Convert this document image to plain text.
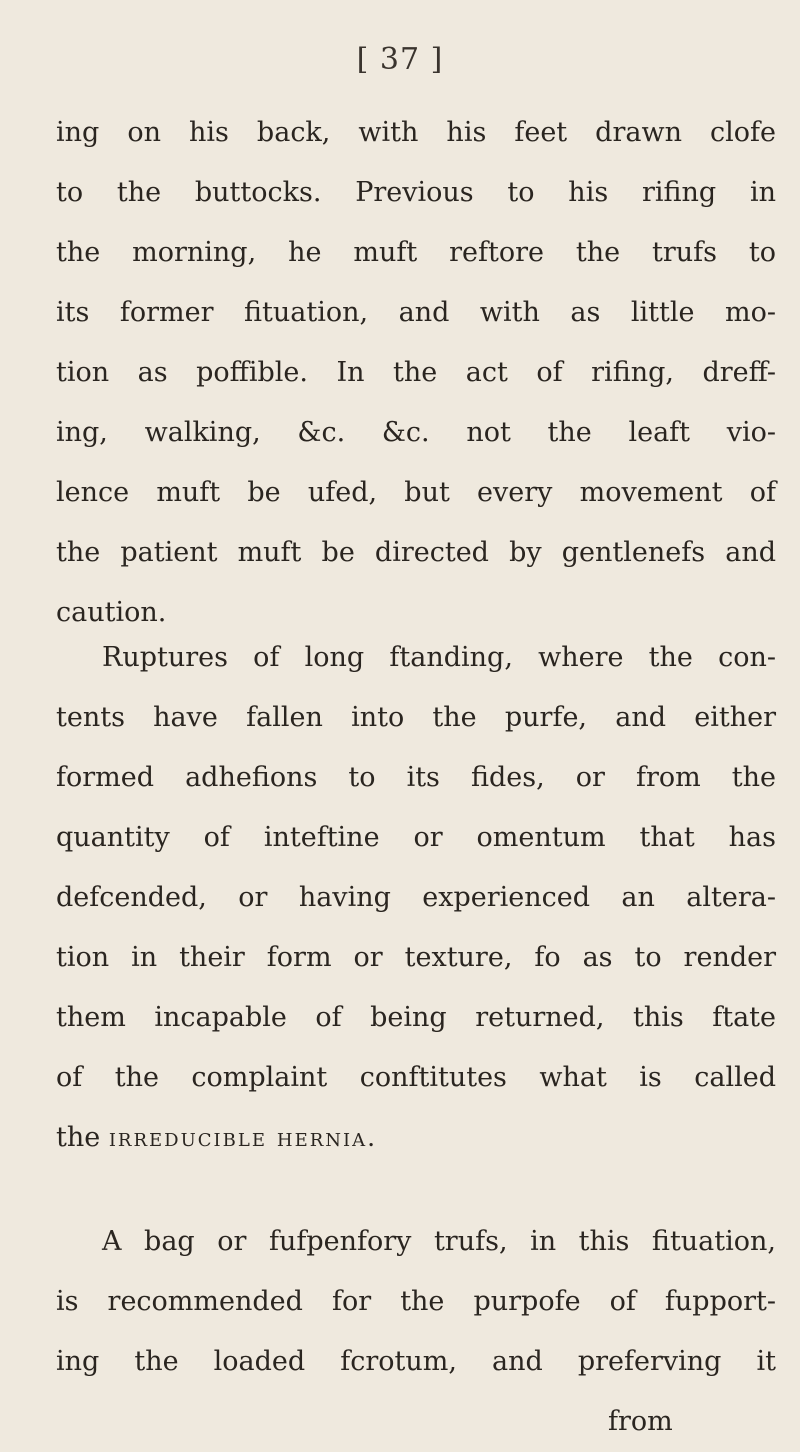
[ 37 ]
ing on his back, with his feet drawn clofe
to the buttocks. Previous to his rifing in
the morning, he muft reftore the trufs to
its former fituation, and with as little mo-
tion as poffible. In the act of rifing, dreff-
ing, walking, &c. &c. not the leaft vio-
lence muft be ufed, but every movement of
the patient muft be directed by gentlenefs and
caution.
Ruptures of long ftanding, where the con-
tents have fallen into the purfe, and either
formed adhefions to its fides, or from the
quantity of inteftine or omentum that has
defcended, or having experienced an altera-
tion in their form or texture, fo as to render
them incapable of being returned, this ftate
of the complaint conftitutes what is called
the irreducible hernia.
A bag or fufpenfory trufs, in this fituation,
is recommended for the purpofe of fupport-
ing the loaded fcrotum, and preferving it
from
